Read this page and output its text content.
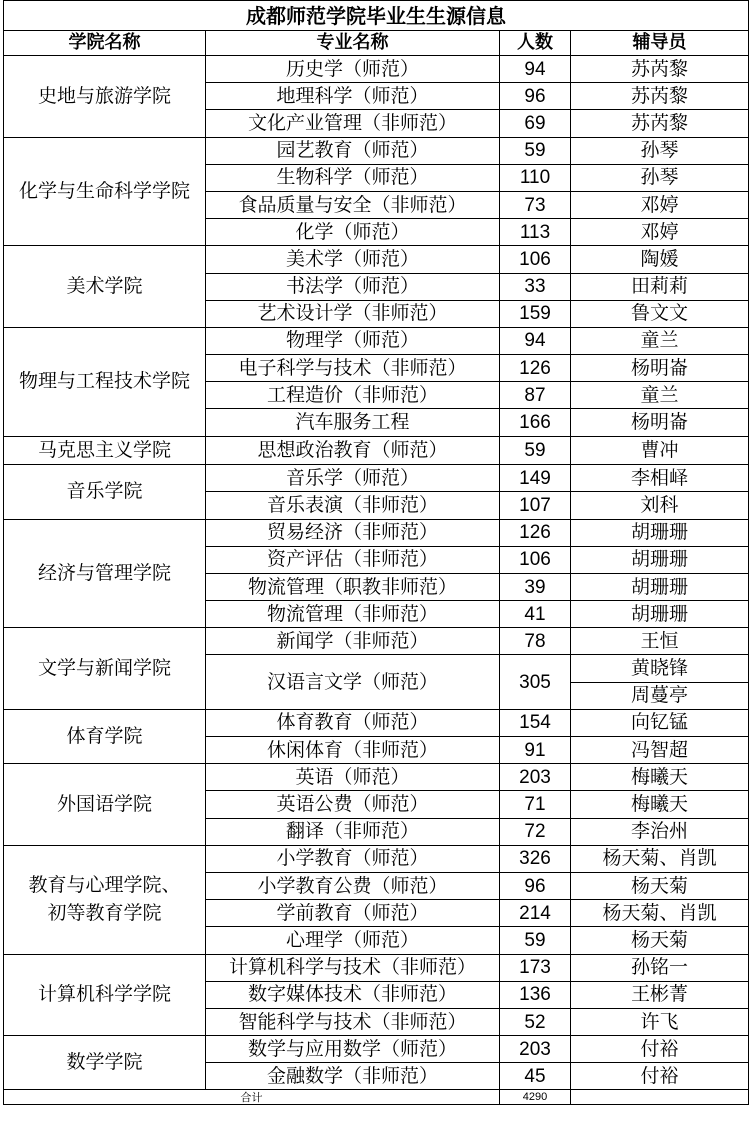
成都师范学院毕业生生源信息			
学院名称	专业名称	人数	辅导员
史地与旅游学院	历史学（师范）	94	苏芮黎
	地理科学（师范）	96	苏芮黎
	文化产业管理（非师范）	69	苏芮黎
化学与生命科学学院	园艺教育（师范）	59	孙琴
	生物科学（师范）	110	孙琴
	食品质量与安全（非师范）	73	邓婷
	化学（师范）	113	邓婷
美术学院	美术学（师范）	106	陶媛
	书法学（师范）	33	田莉莉
	艺术设计学（非师范）	159	鲁文文
物理与工程技术学院	物理学（师范）	94	童兰
	电子科学与技术（非师范）	126	杨明崙
	工程造价（非师范）	87	童兰
	汽车服务工程	166	杨明崙
马克思主义学院	思想政治教育（师范）	59	曹冲
音乐学院	音乐学（师范）	149	李相峄
	音乐表演（非师范）	107	刘科
经济与管理学院	贸易经济（非师范）	126	胡珊珊
	资产评估（非师范）	106	胡珊珊
	物流管理（职教非师范）	39	胡珊珊
	物流管理（非师范）	41	胡珊珊
文学与新闻学院	新闻学（非师范）	78	王恒
	汉语言文学（师范）	305	黄晓锋
			周蔓亭
体育学院	体育教育（师范）	154	向钇锰
	休闲体育（非师范）	91	冯智超
外国语学院	英语（师范）	203	梅曦天
	英语公费（师范）	71	梅曦天
	翻译（非师范）	72	李治州

教育与心理学院、
初等教育学院	小学教育（师范）	326	杨天菊、肖凯
	小学教育公费（师范）	96	杨天菊
	学前教育（师范）	214	杨天菊、肖凯
	心理学（师范）	59	杨天菊
计算机科学学院	计算机科学与技术（非师范）	173	孙铭一
	数字媒体技术（非师范）	136	王彬菁
	智能科学与技术（非师范）	52	许飞
数学学院	数学与应用数学（师范）	203	付裕
	金融数学（非师范）	45	付裕
合计		4290	
